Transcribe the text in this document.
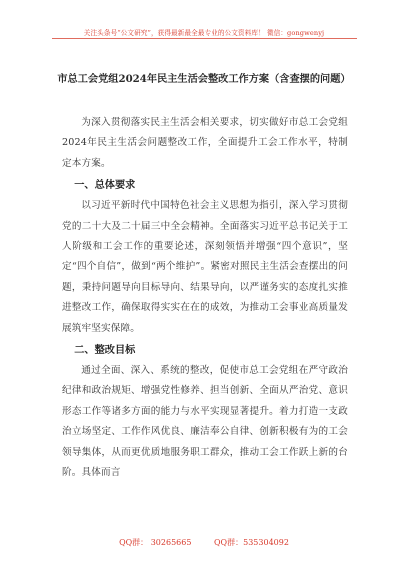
关注头条号“公文研究”，获得最新最全最专业的公文资料库！ 微信：gongwenyj
市总工会党组2024年民主生活会整改工作方案（含查摆的问题）

为深入贯彻落实民主生活会相关要求，切实做好市总工会党组2024年民主生活会问题整改工作，全面提升工会工作水平，特制定本方案。

一、总体要求

以习近平新时代中国特色社会主义思想为指引，深入学习贯彻党的二十大及二十届三中全会精神。全面落实习近平总书记关于工人阶级和工会工作的重要论述，深刻领悟并增强“四个意识”，坚定“四个自信”，做到“两个维护”。紧密对照民主生活会查摆出的问题，秉持问题导向目标导向、结果导向，以严谨务实的态度扎实推进整改工作，确保取得实实在在的成效，为推动工会事业高质量发展筑牢坚实保障。

二、整改目标

通过全面、深入、系统的整改，促使市总工会党组在严守政治纪律和政治规矩、增强党性修养、担当创新、全面从严治党、意识形态工作等诸多方面的能力与水平实现显著提升。着力打造一支政治立场坚定、工作作风优良、廉洁奉公自律、创新积极有为的工会领导集体，从而更优质地服务职工群众，推动工会工作跃上新的台阶。具体而言

QQ群： 30265665	QQ群：535304092
